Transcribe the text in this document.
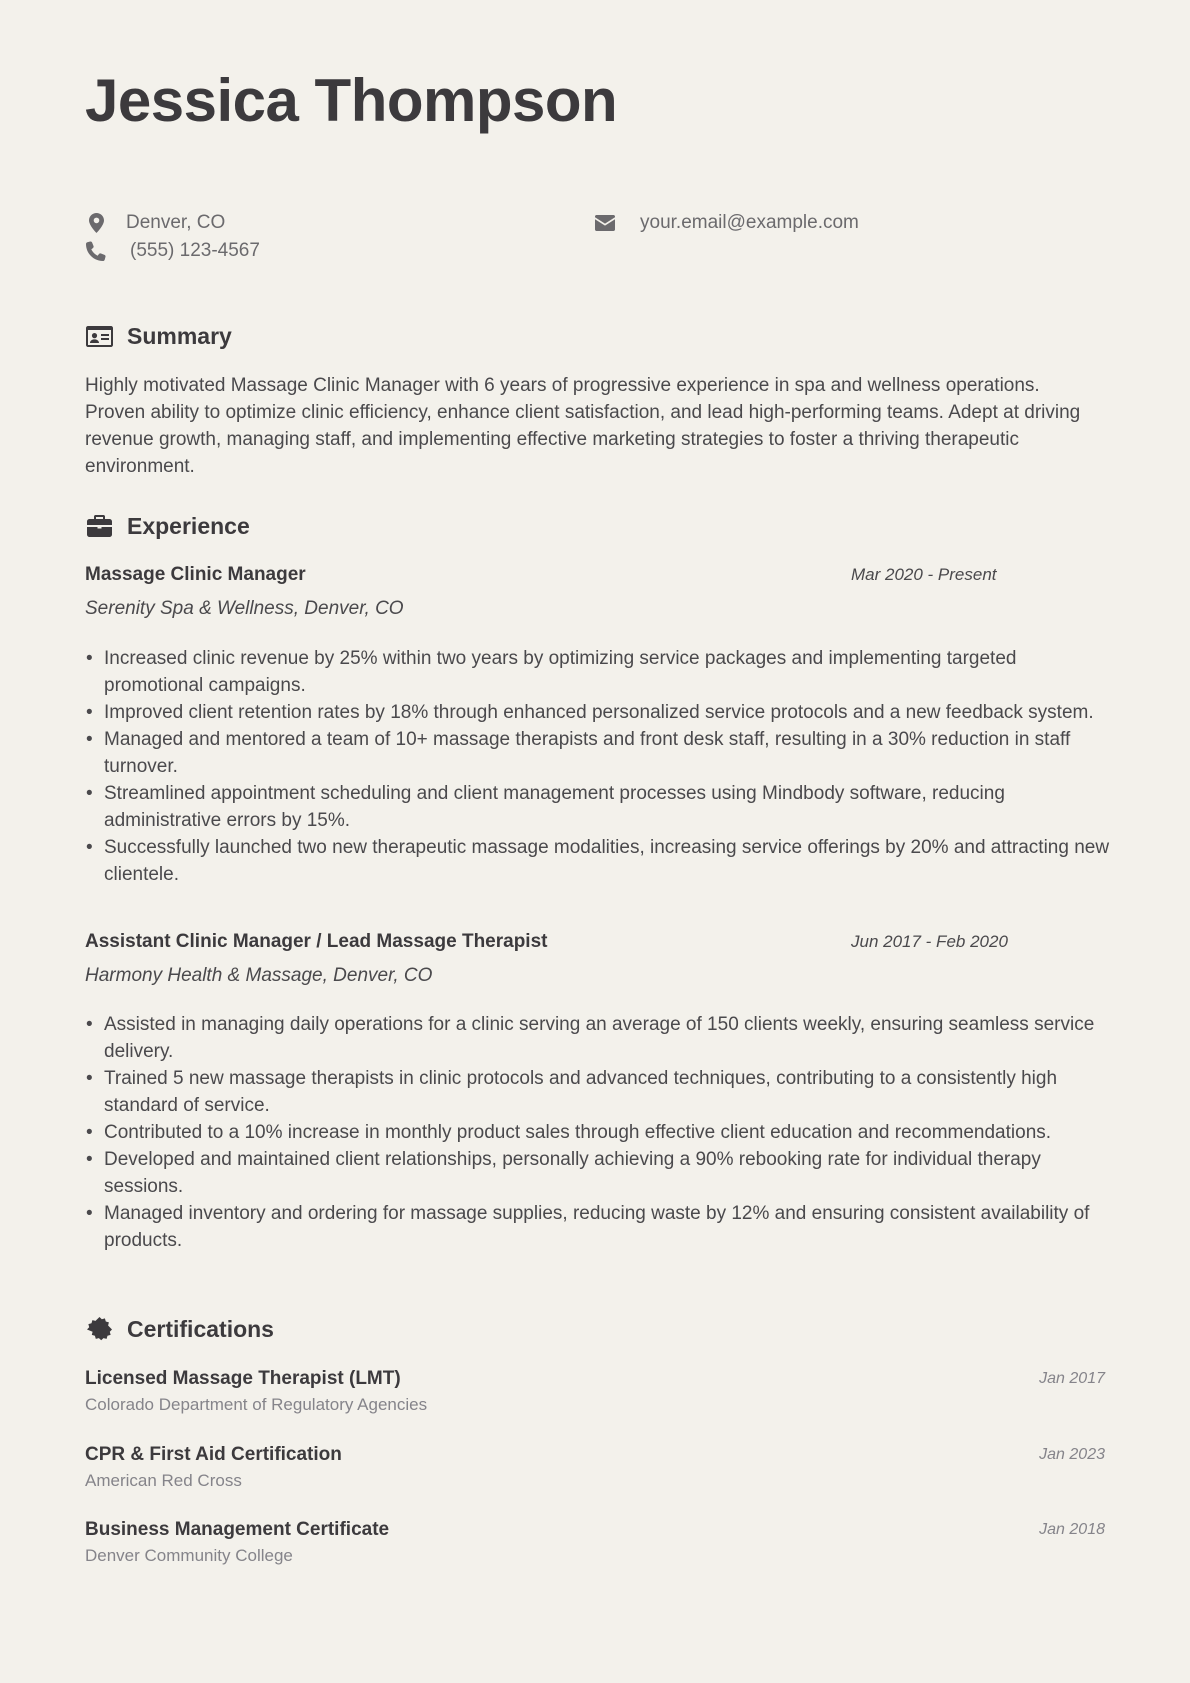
Jessica Thompson
Denver, CO
(555) 123-4567
your.email@example.com
Summary

Highly motivated Massage Clinic Manager with 6 years of progressive experience in spa and wellness operations. Proven ability to optimize clinic efficiency, enhance client satisfaction, and lead high-performing teams. Adept at driving revenue growth, managing staff, and implementing effective marketing strategies to foster a thriving therapeutic environment.

Experience
Massage Clinic Manager	Mar 2020 - Present
Serenity Spa & Wellness, Denver, CO
• Increased clinic revenue by 25% within two years by optimizing service packages and implementing targeted promotional campaigns.
• Improved client retention rates by 18% through enhanced personalized service protocols and a new feedback system.
• Managed and mentored a team of 10+ massage therapists and front desk staff, resulting in a 30% reduction in staff turnover.
• Streamlined appointment scheduling and client management processes using Mindbody software, reducing administrative errors by 15%.
• Successfully launched two new therapeutic massage modalities, increasing service offerings by 20% and attracting new clientele.
Assistant Clinic Manager / Lead Massage Therapist	Jun 2017 - Feb 2020
Harmony Health & Massage, Denver, CO
• Assisted in managing daily operations for a clinic serving an average of 150 clients weekly, ensuring seamless service delivery.
• Trained 5 new massage therapists in clinic protocols and advanced techniques, contributing to a consistently high standard of service.
• Contributed to a 10% increase in monthly product sales through effective client education and recommendations.
• Developed and maintained client relationships, personally achieving a 90% rebooking rate for individual therapy sessions.
• Managed inventory and ordering for massage supplies, reducing waste by 12% and ensuring consistent availability of products.
Certifications
Licensed Massage Therapist (LMT)
Colorado Department of Regulatory Agencies
Jan 2017
CPR & First Aid Certification
American Red Cross
Jan 2023
Business Management Certificate
Denver Community College
Jan 2018
